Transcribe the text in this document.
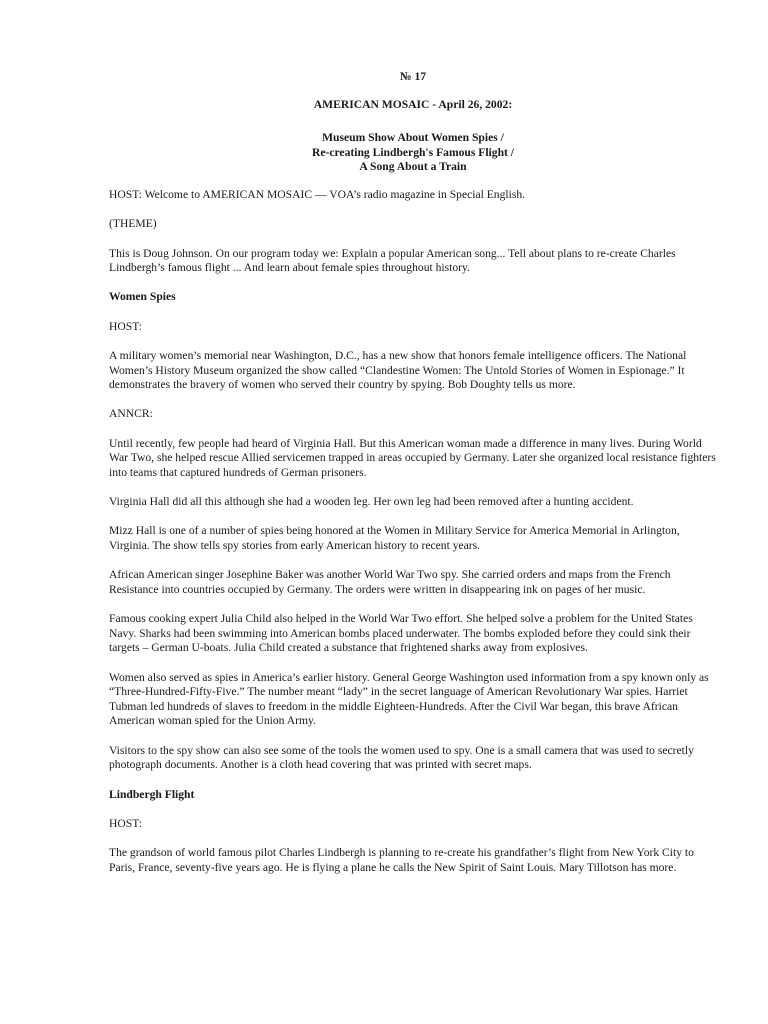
№ 17
AMERICAN MOSAIC - April 26, 2002:
Museum Show About Women Spies /
Re-creating Lindbergh's Famous Flight /
A Song About a Train

HOST: Welcome to AMERICAN MOSAIC — VOA’s radio magazine in Special English.

(THEME)

This is Doug Johnson. On our program today we: Explain a popular American song... Tell about plans to re-create Charles Lindbergh’s famous flight ... And learn about female spies throughout history.

Women Spies

HOST:

A military women’s memorial near Washington, D.C., has a new show that honors female intelligence officers. The National Women’s History Museum organized the show called “Clandestine Women: The Untold Stories of Women in Espionage.” It demonstrates the bravery of women who served their country by spying. Bob Doughty tells us more.

ANNCR:

Until recently, few people had heard of Virginia Hall. But this American woman made a difference in many lives. During World War Two, she helped rescue Allied servicemen trapped in areas occupied by Germany. Later she organized local resistance fighters into teams that captured hundreds of German prisoners.

Virginia Hall did all this although she had a wooden leg. Her own leg had been removed after a hunting accident.

Mizz Hall is one of a number of spies being honored at the Women in Military Service for America Memorial in Arlington, Virginia. The show tells spy stories from early American history to recent years.

African American singer Josephine Baker was another World War Two spy. She carried orders and maps from the French Resistance into countries occupied by Germany. The orders were written in disappearing ink on pages of her music.

Famous cooking expert Julia Child also helped in the World War Two effort. She helped solve a problem for the United States Navy. Sharks had been swimming into American bombs placed underwater. The bombs exploded before they could sink their targets – German U-boats. Julia Child created a substance that frightened sharks away from explosives.

Women also served as spies in America’s earlier history. General George Washington used information from a spy known only as “Three-Hundred-Fifty-Five.” The number meant “lady” in the secret language of American Revolutionary War spies. Harriet Tubman led hundreds of slaves to freedom in the middle Eighteen-Hundreds. After the Civil War began, this brave African American woman spied for the Union Army.

Visitors to the spy show can also see some of the tools the women used to spy. One is a small camera that was used to secretly photograph documents. Another is a cloth head covering that was printed with secret maps.

Lindbergh Flight

HOST:

The grandson of world famous pilot Charles Lindbergh is planning to re-create his grandfather’s flight from New York City to Paris, France, seventy-five years ago. He is flying a plane he calls the New Spirit of Saint Louis. Mary Tillotson has more.
